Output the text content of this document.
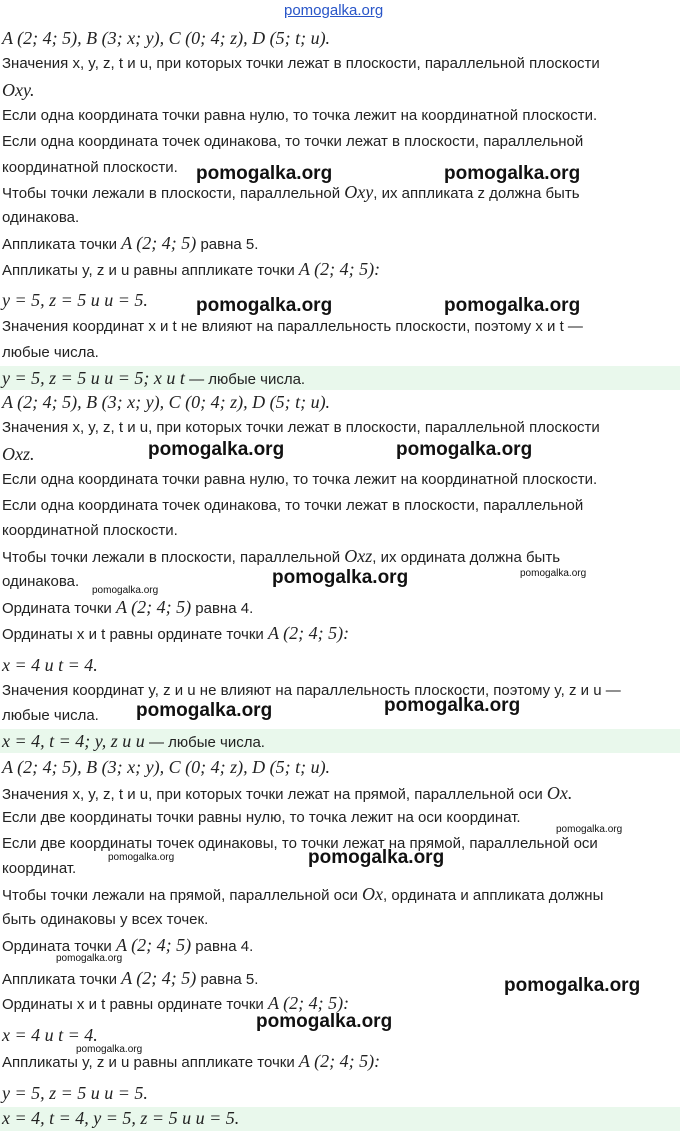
A (2; 4; 5), B (3; x; y), C (0; 4; z), D (5; t; u).
Значения x, y, z, t и u, при которых точки лежат в плоскости, параллельной плоскости
Oxy.
Если одна координата точки равна нулю, то точка лежит на координатной плоскости.
Если одна координата точек одинакова, то точки лежат в плоскости, параллельной
координатной плоскости.
Чтобы точки лежали в плоскости, параллельной Oxy, их аппликата z должна быть
одинакова.
Аппликата точки A (2; 4; 5) равна 5.
Аппликаты y, z и u равны аппликате точки A (2; 4; 5):
y = 5, z = 5 и u = 5.
Значения координат x и t не влияют на параллельность плоскости, поэтому x и t —
любые числа.
y = 5, z = 5 и u = 5; x и t — любые числа.
A (2; 4; 5), B (3; x; y), C (0; 4; z), D (5; t; u).
Значения x, y, z, t и u, при которых точки лежат в плоскости, параллельной плоскости
Oxz.
Если одна координата точки равна нулю, то точка лежит на координатной плоскости.
Если одна координата точек одинакова, то точки лежат в плоскости, параллельной
координатной плоскости.
Чтобы точки лежали в плоскости, параллельной Oxz, их ордината должна быть
одинакова.
Ордината точки A (2; 4; 5) равна 4.
Ординаты x и t равны ординате точки A (2; 4; 5):
x = 4 и t = 4.
Значения координат y, z и u не влияют на параллельность плоскости, поэтому y, z и u —
любые числа.
x = 4, t = 4; y, z и u — любые числа.
A (2; 4; 5), B (3; x; y), C (0; 4; z), D (5; t; u).
Значения x, y, z, t и u, при которых точки лежат на прямой, параллельной оси Ox.
Если две координаты точки равны нулю, то точка лежит на оси координат.
Если две координаты точек одинаковы, то точки лежат на прямой, параллельной оси
координат.
Чтобы точки лежали на прямой, параллельной оси Ox, ордината и аппликата должны
быть одинаковы у всех точек.
Ордината точки A (2; 4; 5) равна 4.
Аппликата точки A (2; 4; 5) равна 5.
Ординаты x и t равны ординате точки A (2; 4; 5):
x = 4 и t = 4.
Аппликаты y, z и u равны аппликате точки A (2; 4; 5):
y = 5, z = 5 и u = 5.
x = 4, t = 4, y = 5, z = 5 и u = 5.
pomogalka.org
pomogalka.org	pomogalka.org
pomogalka.org	pomogalka.org
pomogalka.org	pomogalka.org
pomogalka.org
pomogalka.org	pomogalka.org
pomogalka.org	pomogalka.org
pomogalka.org
pomogalka.org	pomogalka.org
pomogalka.org
pomogalka.org
pomogalka.org
pomogalka.org
